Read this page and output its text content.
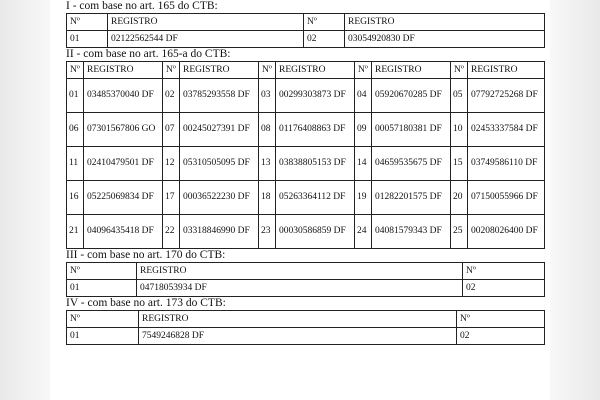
I - com base no art. 165 do CTB:
Nº	REGISTRO	Nº	REGISTRO
01	02122562544 DF	02	03054920830 DF
II - com base no art. 165-a do CTB:
Nº	REGISTRO	Nº	REGISTRO	Nº	REGISTRO	Nº	REGISTRO	Nº	REGISTRO
01	03485370040 DF	02	03785293558 DF	03	00299303873 DF	04	05920670285 DF	05	07792725268 DF
06	07301567806 GO	07	00245027391 DF	08	01176408863 DF	09	00057180381 DF	10	02453337584 DF
11	02410479501 DF	12	05310505095 DF	13	03838805153 DF	14	04659535675 DF	15	03749586110 DF
16	05225069834 DF	17	00036522230 DF	18	05263364112 DF	19	01282201575 DF	20	07150055966 DF
21	04096435418 DF	22	03318846990 DF	23	00030586859 DF	24	04081579343 DF	25	00208026400 DF
III - com base no art. 170 do CTB:
Nº	REGISTRO	Nº
01	04718053934 DF	02
IV - com base no art. 173 do CTB:
Nº	REGISTRO	Nº
01	7549246828 DF	02
